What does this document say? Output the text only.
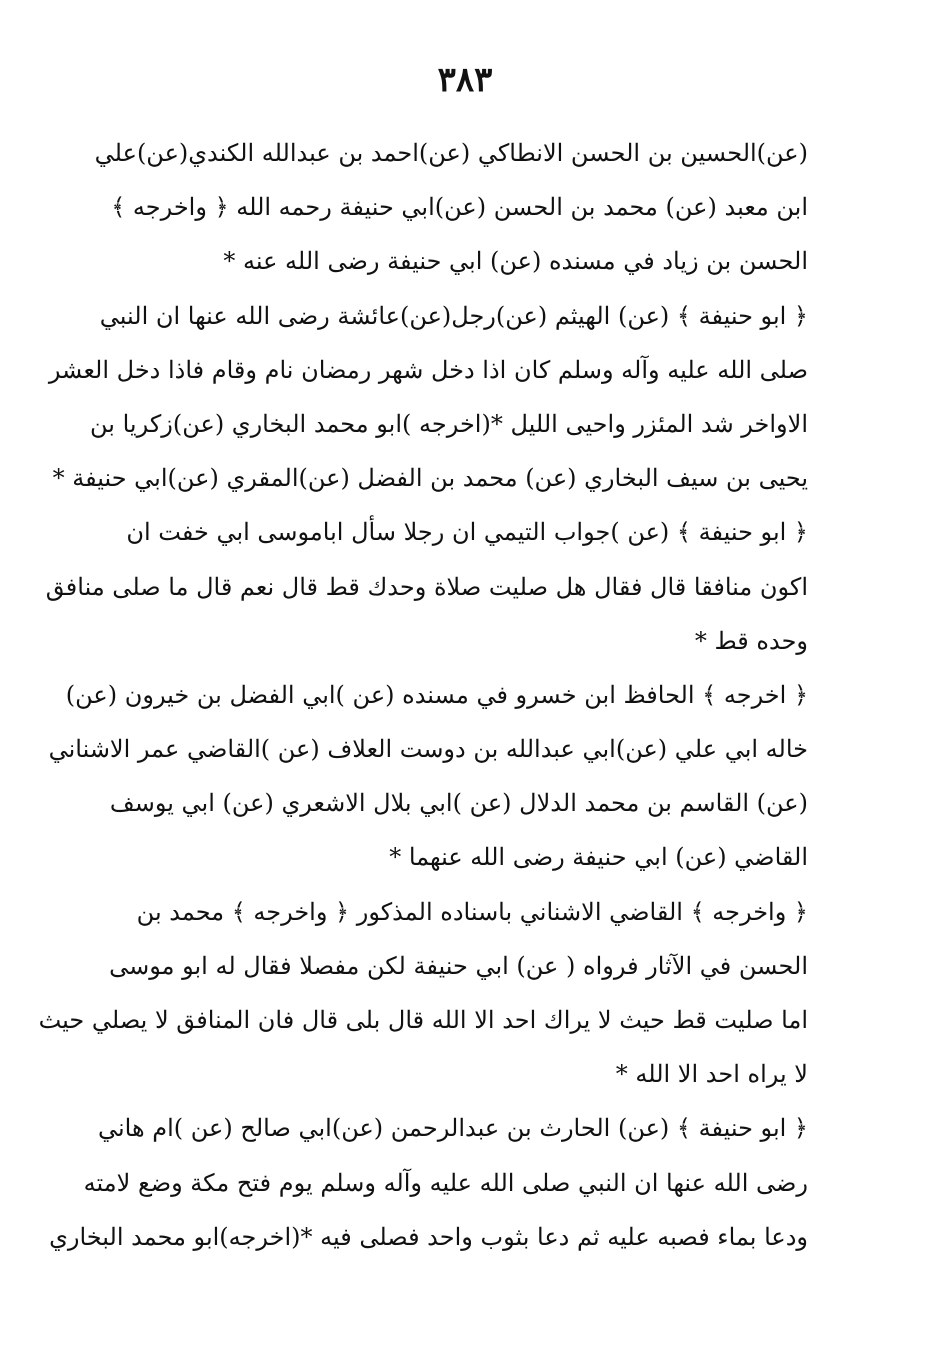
٣٨٣
(عن)الحسين بن الحسن الانطاكي (عن)احمد بن عبدالله الكندي(عن)علي
ابن معبد (عن) محمد بن الحسن (عن)ابي حنيفة رحمه الله ﴿ واخرجه ﴾
الحسن بن زياد في مسنده (عن) ابي حنيفة رضى الله عنه *
﴿ ابو حنيفة ﴾ (عن) الهيثم (عن)رجل(عن)عائشة رضى الله عنها ان النبي
صلى الله عليه وآله وسلم كان اذا دخل شهر رمضان نام وقام فاذا دخل العشر
الاواخر شد المئزر واحيى الليل *(اخرجه )ابو محمد البخاري (عن)زكريا بن
يحيى بن سيف البخاري (عن) محمد بن الفضل (عن)المقري (عن)ابي حنيفة *
﴿ ابو حنيفة ﴾ (عن )جواب التيمي ان رجلا سأل اباموسى ابي خفت ان
اكون منافقا قال فقال هل صليت صلاة وحدك قط قال نعم قال ما صلى منافق
وحده قط *
﴿ اخرجه ﴾ الحافظ ابن خسرو في مسنده (عن )ابي الفضل بن خيرون (عن)
خاله ابي علي (عن)ابي عبدالله بن دوست العلاف (عن )القاضي عمر الاشناني
(عن) القاسم بن محمد الدلال (عن )ابي بلال الاشعري (عن) ابي يوسف
القاضي (عن) ابي حنيفة رضى الله عنهما *
﴿ واخرجه ﴾ القاضي الاشناني باسناده المذكور ﴿ واخرجه ﴾ محمد بن
الحسن في الآثار فرواه ( عن) ابي حنيفة لكن مفصلا فقال له ابو موسى
اما صليت قط حيث لا يراك احد الا الله قال بلى قال فان المنافق لا يصلي حيث
لا يراه احد الا الله *
﴿ ابو حنيفة ﴾ (عن) الحارث بن عبدالرحمن (عن)ابي صالح (عن )ام هاني
رضى الله عنها ان النبي صلى الله عليه وآله وسلم يوم فتح مكة وضع لامته
ودعا بماء فصبه عليه ثم دعا بثوب واحد فصلى فيه *(اخرجه)ابو محمد البخاري
